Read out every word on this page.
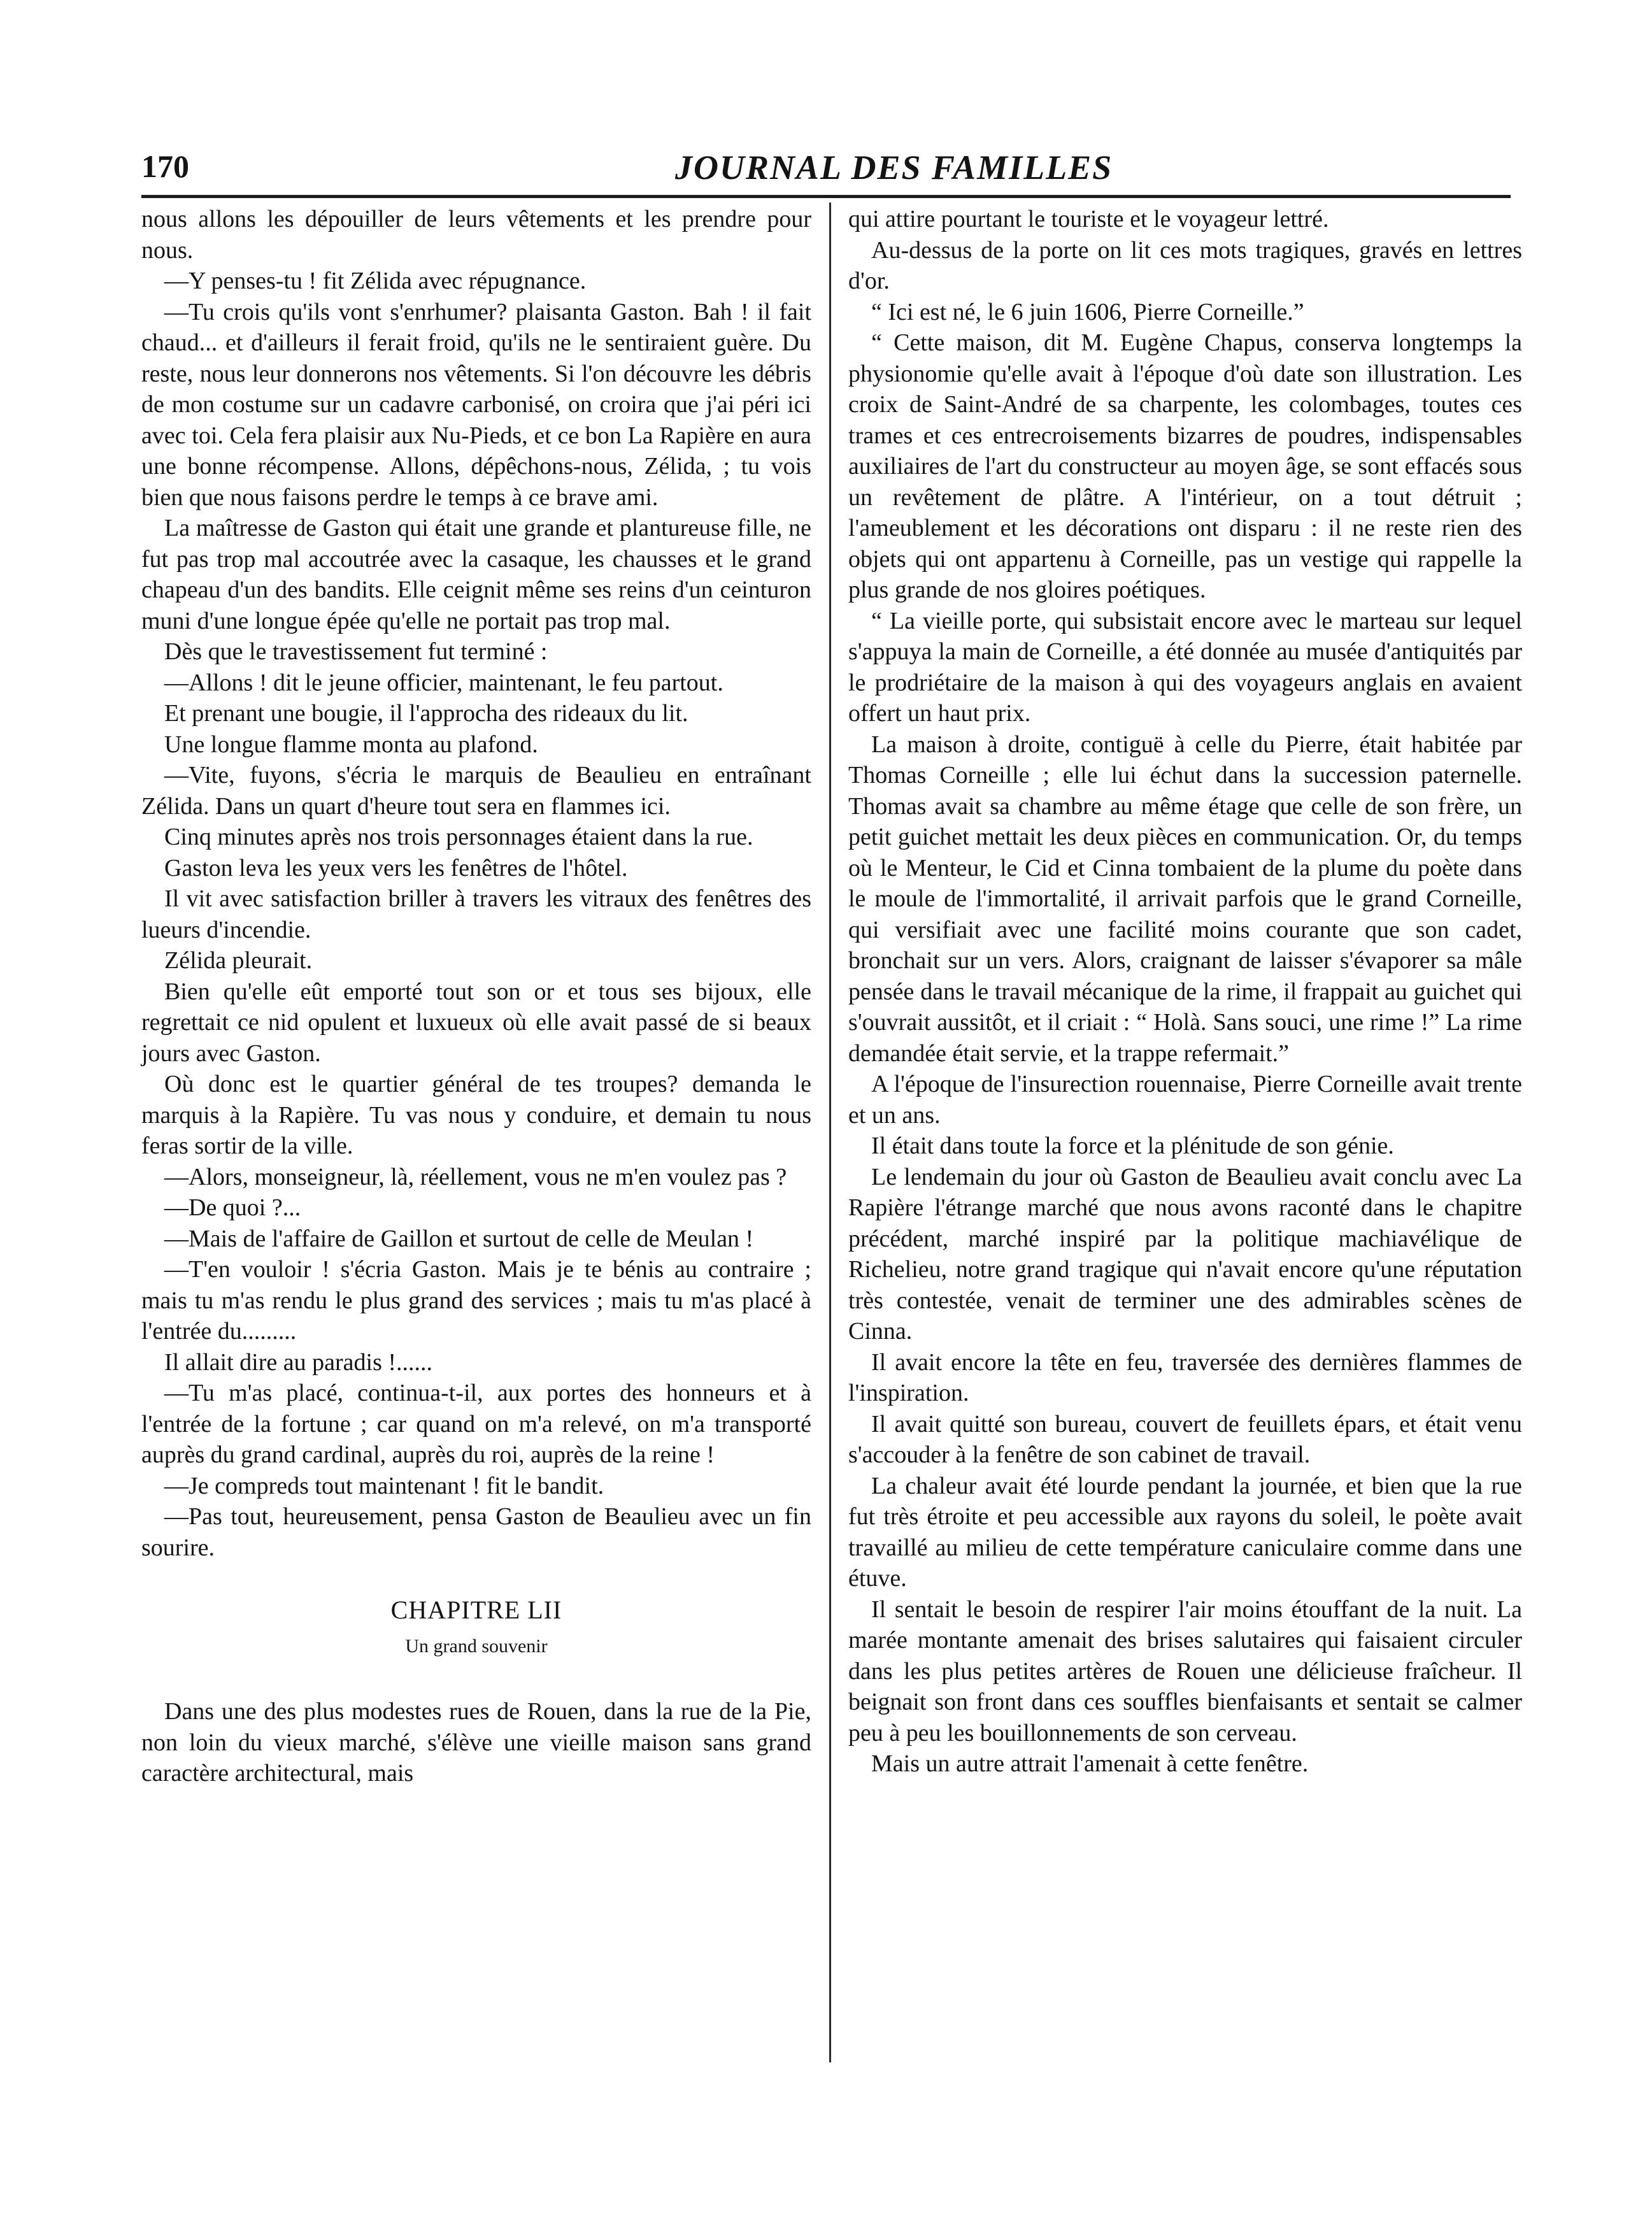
170	JOURNAL DES FAMILLES

nous allons les dépouiller de leurs vêtements et les prendre pour nous.

—Y penses-tu ! fit Zélida avec répugnance.

—Tu crois qu'ils vont s'enrhumer? plaisanta Gaston. Bah ! il fait chaud... et d'ailleurs il ferait froid, qu'ils ne le sentiraient guère. Du reste, nous leur donnerons nos vêtements. Si l'on découvre les débris de mon costume sur un cadavre carbonisé, on croira que j'ai péri ici avec toi. Cela fera plaisir aux Nu-Pieds, et ce bon La Rapière en aura une bonne récompense. Allons, dépêchons-nous, Zélida, ; tu vois bien que nous faisons perdre le temps à ce brave ami.

La maîtresse de Gaston qui était une grande et plantureuse fille, ne fut pas trop mal accoutrée avec la casaque, les chausses et le grand chapeau d'un des bandits. Elle ceignit même ses reins d'un ceinturon muni d'une longue épée qu'elle ne portait pas trop mal.

Dès que le travestissement fut terminé :

—Allons ! dit le jeune officier, maintenant, le feu partout.

Et prenant une bougie, il l'approcha des rideaux du lit.

Une longue flamme monta au plafond.

—Vite, fuyons, s'écria le marquis de Beaulieu en entraînant Zélida. Dans un quart d'heure tout sera en flammes ici.

Cinq minutes après nos trois personnages étaient dans la rue.

Gaston leva les yeux vers les fenêtres de l'hôtel.

Il vit avec satisfaction briller à travers les vitraux des fenêtres des lueurs d'incendie.

Zélida pleurait.

Bien qu'elle eût emporté tout son or et tous ses bijoux, elle regrettait ce nid opulent et luxueux où elle avait passé de si beaux jours avec Gaston.

Où donc est le quartier général de tes troupes? demanda le marquis à la Rapière. Tu vas nous y conduire, et demain tu nous feras sortir de la ville.

—Alors, monseigneur, là, réellement, vous ne m'en voulez pas ?

—De quoi ?...

—Mais de l'affaire de Gaillon et surtout de celle de Meulan !

—T'en vouloir ! s'écria Gaston. Mais je te bénis au contraire ; mais tu m'as rendu le plus grand des services ; mais tu m'as placé à l'entrée du.........

Il allait dire au paradis !......

—Tu m'as placé, continua-t-il, aux portes des honneurs et à l'entrée de la fortune ; car quand on m'a relevé, on m'a transporté auprès du grand cardinal, auprès du roi, auprès de la reine !

—Je compreds tout maintenant ! fit le bandit.

—Pas tout, heureusement, pensa Gaston de Beaulieu avec un fin sourire.

CHAPITRE LII
Un grand souvenir

Dans une des plus modestes rues de Rouen, dans la rue de la Pie, non loin du vieux marché, s'élève une vieille maison sans grand caractère architectural, mais

qui attire pourtant le touriste et le voyageur lettré.

Au-dessus de la porte on lit ces mots tragiques, gravés en lettres d'or.

“ Ici est né, le 6 juin 1606, Pierre Corneille.”

“ Cette maison, dit M. Eugène Chapus, conserva longtemps la physionomie qu'elle avait à l'époque d'où date son illustration. Les croix de Saint-André de sa charpente, les colombages, toutes ces trames et ces entrecroisements bizarres de poudres, indispensables auxiliaires de l'art du constructeur au moyen âge, se sont effacés sous un revêtement de plâtre. A l'intérieur, on a tout détruit ; l'ameublement et les décorations ont disparu : il ne reste rien des objets qui ont appartenu à Corneille, pas un vestige qui rappelle la plus grande de nos gloires poétiques.

“ La vieille porte, qui subsistait encore avec le marteau sur lequel s'appuya la main de Corneille, a été donnée au musée d'antiquités par le prodriétaire de la maison à qui des voyageurs anglais en avaient offert un haut prix.

La maison à droite, contiguë à celle du Pierre, était habitée par Thomas Corneille ; elle lui échut dans la succession paternelle. Thomas avait sa chambre au même étage que celle de son frère, un petit guichet mettait les deux pièces en communication. Or, du temps où le Menteur, le Cid et Cinna tombaient de la plume du poète dans le moule de l'immortalité, il arrivait parfois que le grand Corneille, qui versifiait avec une facilité moins courante que son cadet, bronchait sur un vers. Alors, craignant de laisser s'évaporer sa mâle pensée dans le travail mécanique de la rime, il frappait au guichet qui s'ouvrait aussitôt, et il criait : “ Holà. Sans souci, une rime !” La rime demandée était servie, et la trappe refermait.”

A l'époque de l'insurection rouennaise, Pierre Corneille avait trente et un ans.

Il était dans toute la force et la plénitude de son génie.

Le lendemain du jour où Gaston de Beaulieu avait conclu avec La Rapière l'étrange marché que nous avons raconté dans le chapitre précédent, marché inspiré par la politique machiavélique de Richelieu, notre grand tragique qui n'avait encore qu'une réputation très contestée, venait de terminer une des admirables scènes de Cinna.

Il avait encore la tête en feu, traversée des dernières flammes de l'inspiration.

Il avait quitté son bureau, couvert de feuillets épars, et était venu s'accouder à la fenêtre de son cabinet de travail.

La chaleur avait été lourde pendant la journée, et bien que la rue fut très étroite et peu accessible aux rayons du soleil, le poète avait travaillé au milieu de cette température caniculaire comme dans une étuve.

Il sentait le besoin de respirer l'air moins étouffant de la nuit. La marée montante amenait des brises salutaires qui faisaient circuler dans les plus petites artères de Rouen une délicieuse fraîcheur. Il beignait son front dans ces souffles bienfaisants et sentait se calmer peu à peu les bouillonnements de son cerveau.

Mais un autre attrait l'amenait à cette fenêtre.
